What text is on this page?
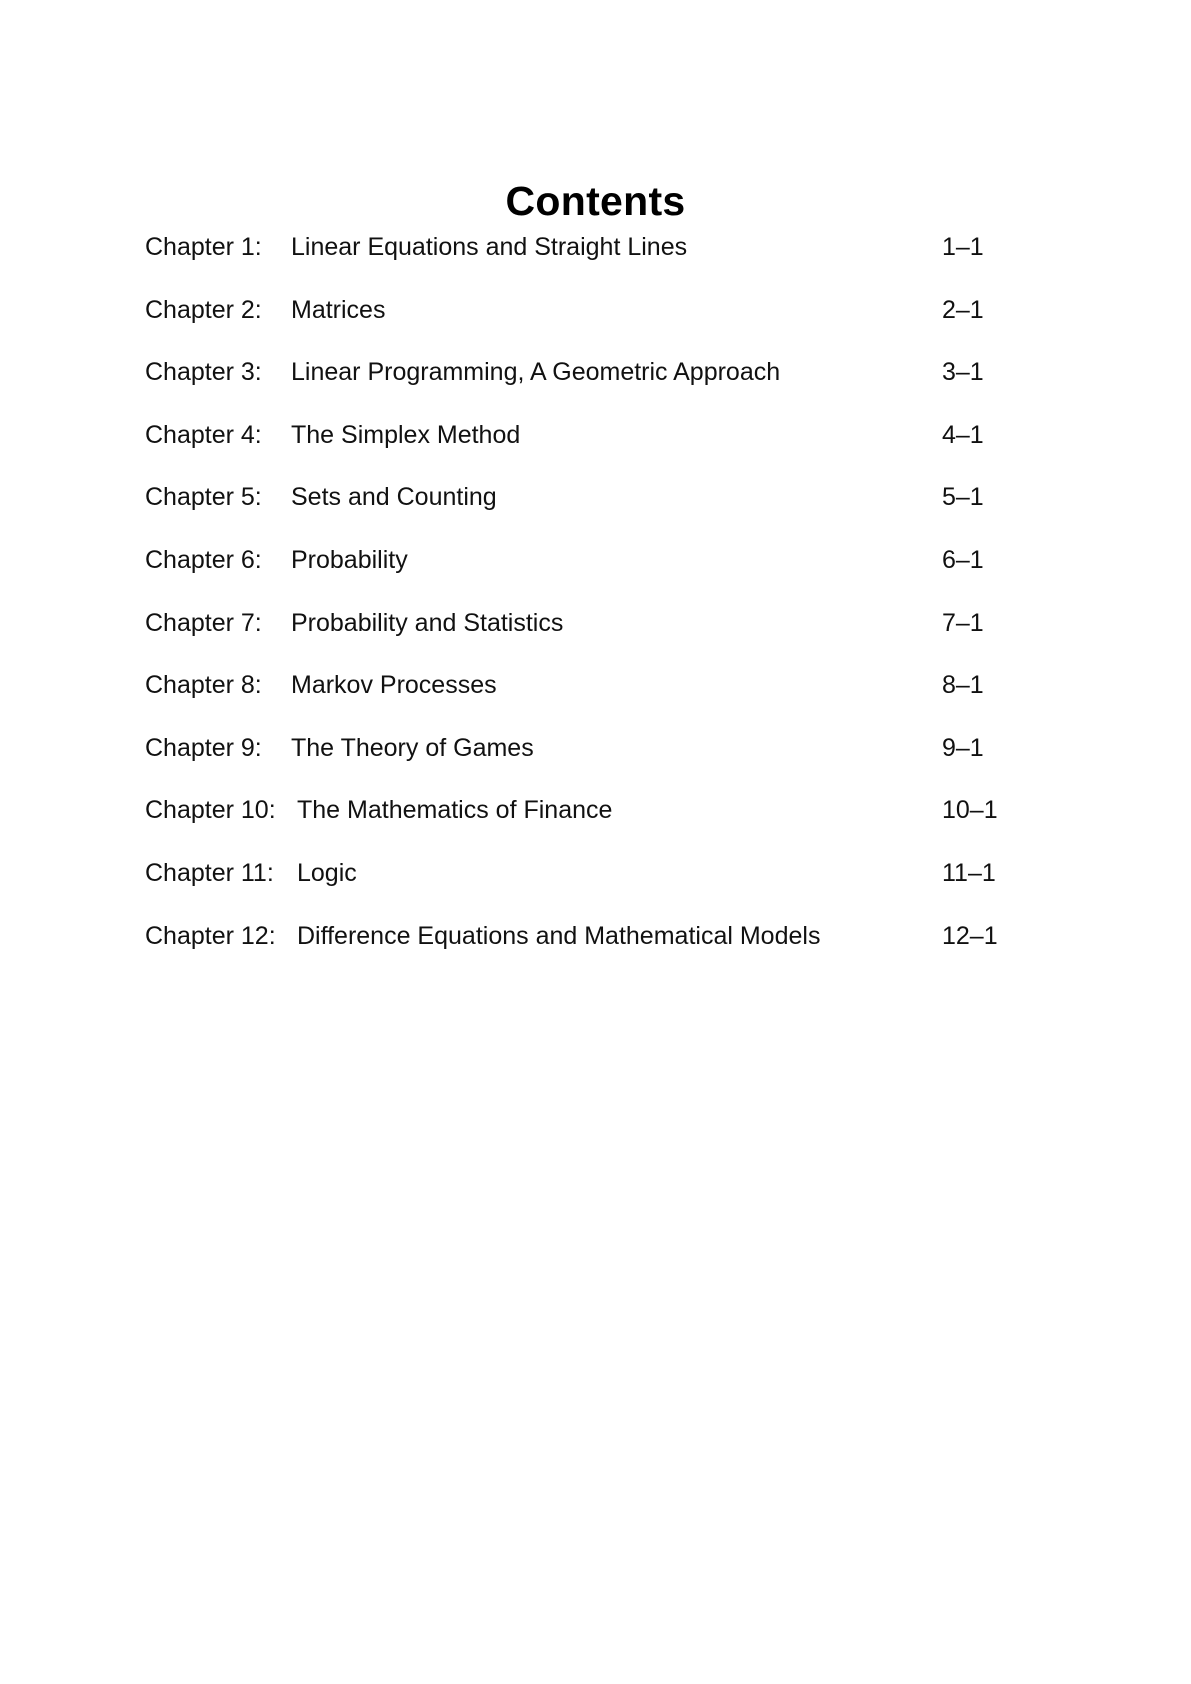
Contents
Chapter 1: Linear Equations and Straight Lines	1–1
Chapter 2: Matrices	2–1
Chapter 3: Linear Programming, A Geometric Approach	3–1
Chapter 4: The Simplex Method	4–1
Chapter 5: Sets and Counting	5–1
Chapter 6: Probability	6–1
Chapter 7: Probability and Statistics	7–1
Chapter 8: Markov Processes	8–1
Chapter 9: The Theory of Games	9–1
Chapter 10: The Mathematics of Finance	10–1
Chapter 11: Logic	11–1
Chapter 12: Difference Equations and Mathematical Models	12–1
